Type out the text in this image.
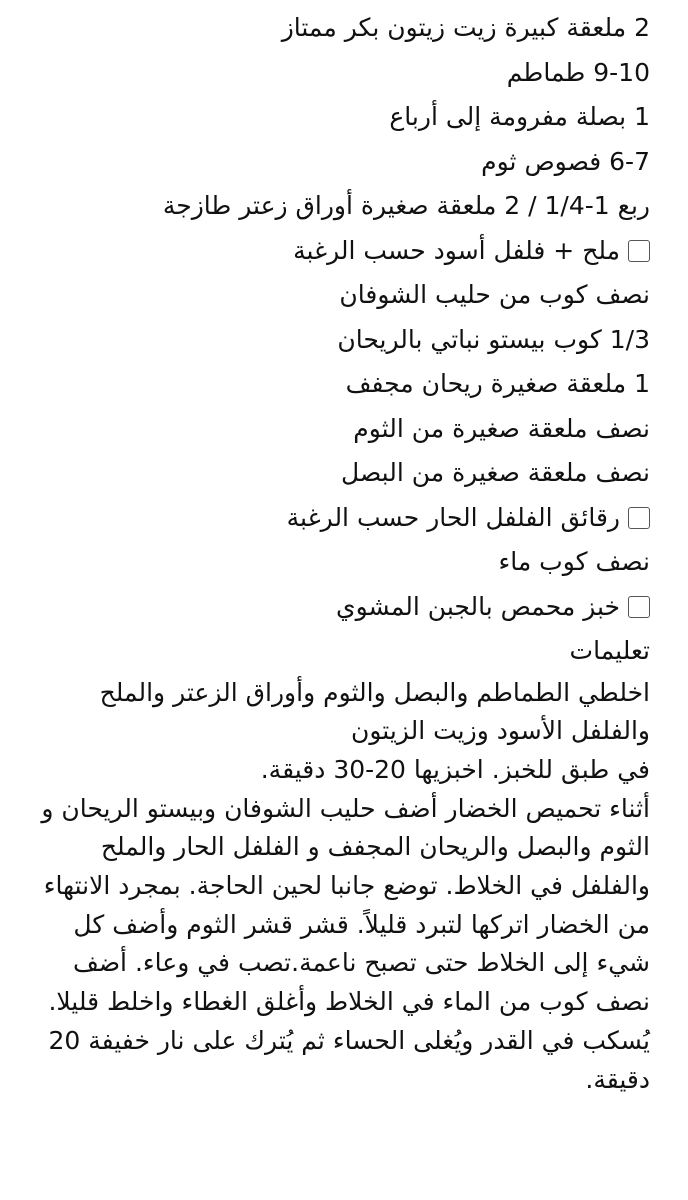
2 ملعقة كبيرة زيت زيتون بكر ممتاز
9-10 طماطم
1 بصلة مفرومة إلى أرباع
6-7 فصوص ثوم
ربع 1-1/4 / 2 ملعقة صغيرة أوراق زعتر طازجة
ملح + فلفل أسود حسب الرغبة
نصف كوب من حليب الشوفان
1/3 كوب بيستو نباتي بالريحان
1 ملعقة صغيرة ريحان مجفف
نصف ملعقة صغيرة من الثوم
نصف ملعقة صغيرة من البصل
رقائق الفلفل الحار حسب الرغبة
نصف كوب ماء
خبز محمص بالجبن المشوي
تعليمات
اخلطي الطماطم والبصل والثوم وأوراق الزعتر والملح والفلفل الأسود وزيت الزيتون
في طبق للخبز. اخبزيها 20-30 دقيقة.
أثناء تحميص الخضار أضف حليب الشوفان وبيستو الريحان و الثوم والبصل والريحان المجفف و الفلفل الحار والملح والفلفل في الخلاط. توضع جانبا لحين الحاجة. بمجرد الانتهاء من الخضار اتركها لتبرد قليلاً. قشر قشر الثوم وأضف كل شيء إلى الخلاط حتى تصبح ناعمة.تصب في وعاء. أضف نصف كوب من الماء في الخلاط وأغلق الغطاء واخلط قليلا. يُسكب في القدر ويُغلى الحساء ثم يُترك على نار خفيفة 20 دقيقة.
